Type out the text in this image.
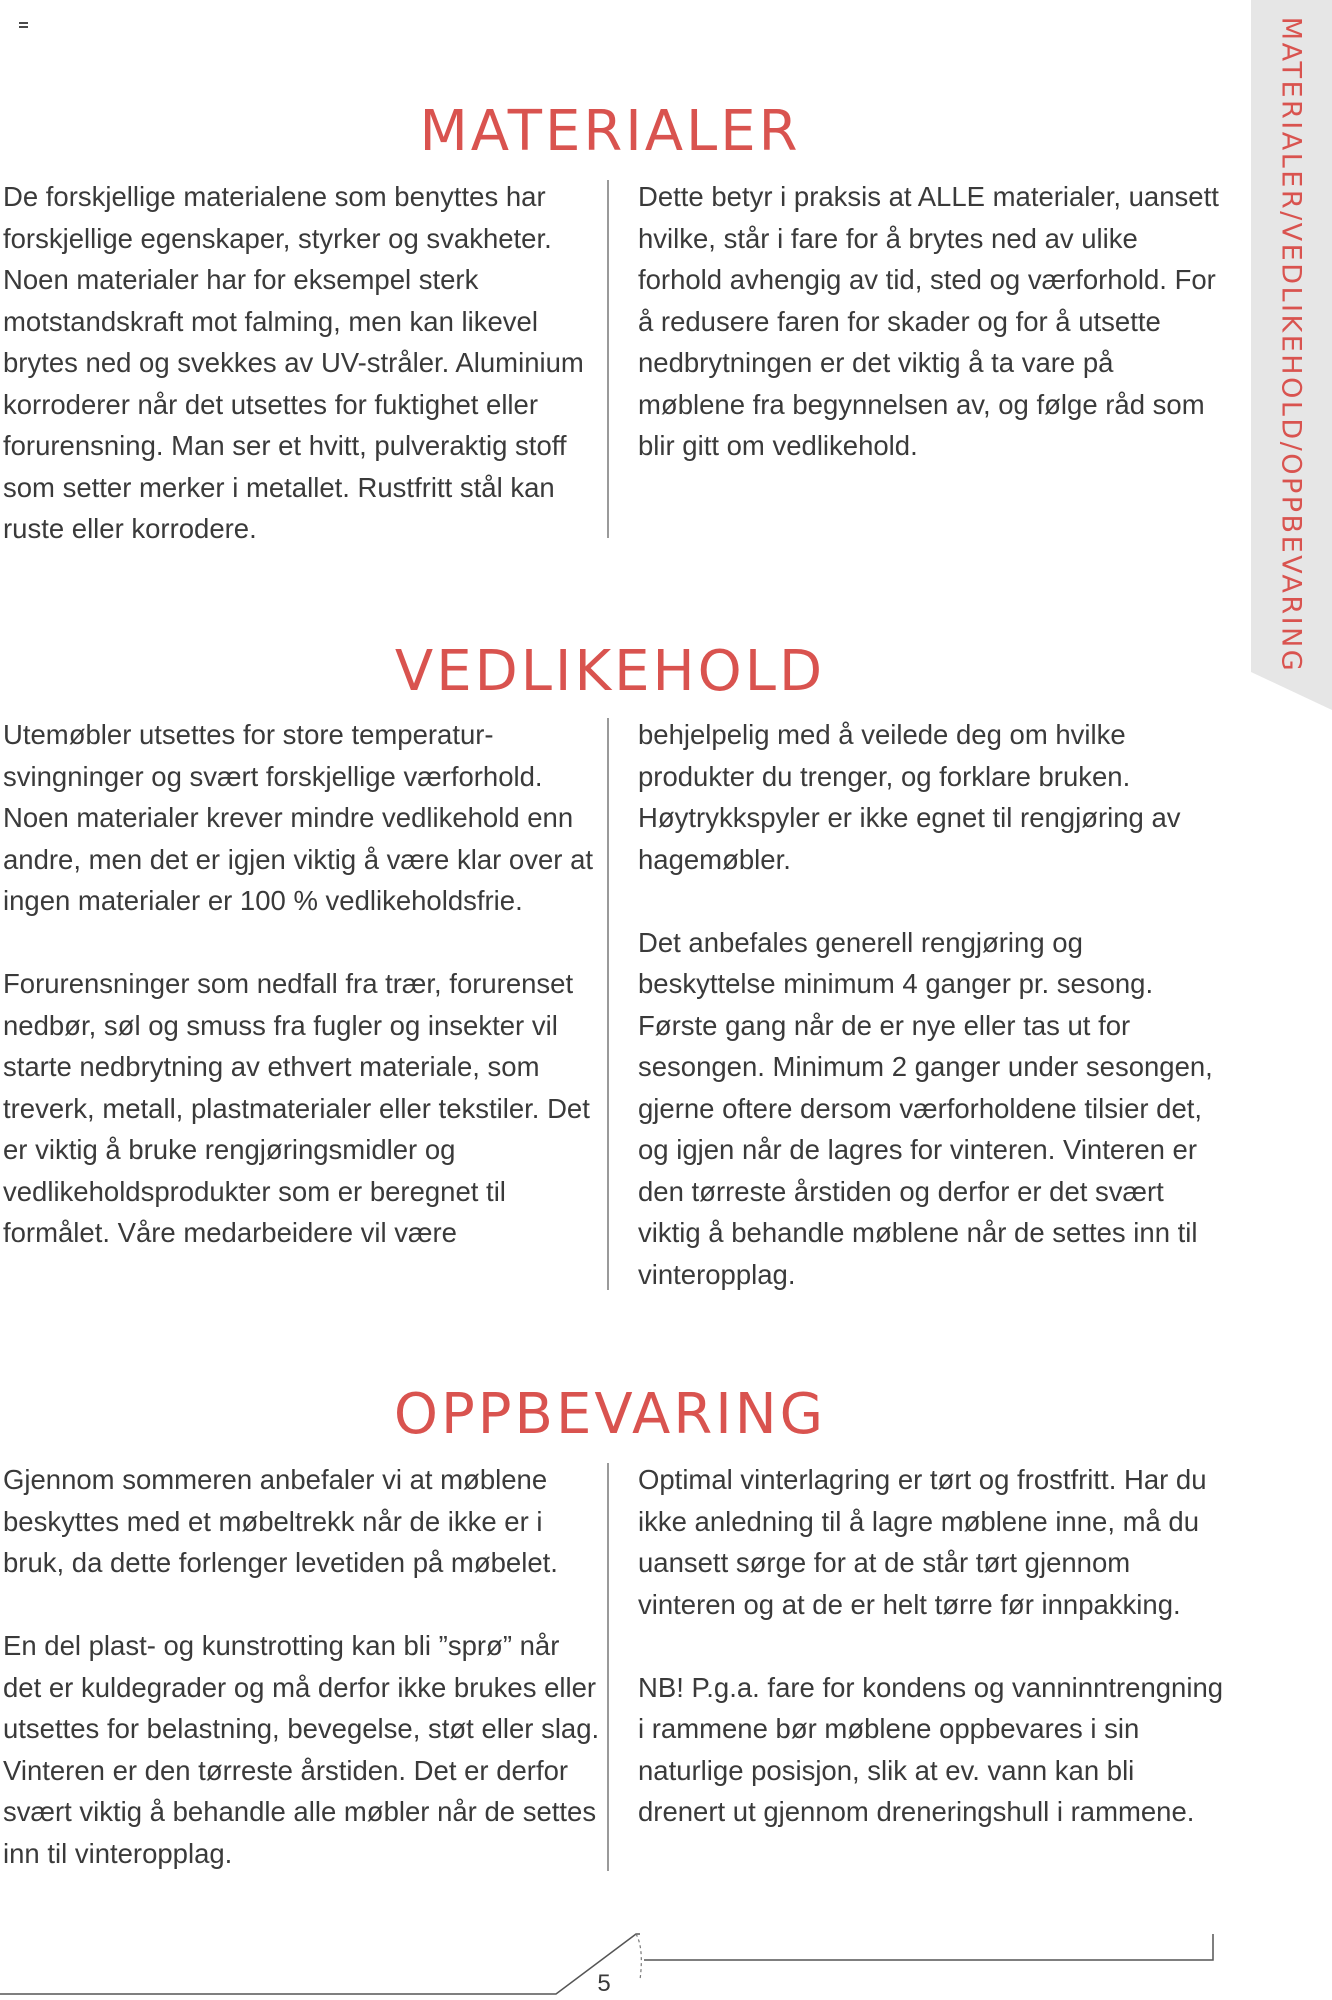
MATERIALER/VEDLIKEHOLD/OPPBEVARING
MATERIALER

De forskjellige materialene som benyttes har forskjellige egenskaper, styrker og svakheter. Noen materialer har for eksempel sterk motstandskraft mot falming, men kan likevel brytes ned og svekkes av UV-stråler. Aluminium korroderer når det utsettes for fuktighet eller forurensning. Man ser et hvitt, pulveraktig stoff som setter merker i metallet. Rustfritt stål kan ruste eller korrodere.

Dette betyr i praksis at ALLE materialer, uansett hvilke, står i fare for å brytes ned av ulike forhold avhengig av tid, sted og værforhold. For å redusere faren for skader og for å utsette nedbrytningen er det viktig å ta vare på møblene fra begynnelsen av, og følge råd som blir gitt om vedlikehold.

VEDLIKEHOLD

Utemøbler utsettes for store temperatur-svingninger og svært forskjellige værforhold. Noen materialer krever mindre vedlikehold enn andre, men det er igjen viktig å være klar over at ingen materialer er 100 % vedlikeholdsfrie.

Forurensninger som nedfall fra trær, forurenset nedbør, søl og smuss fra fugler og insekter vil starte nedbrytning av ethvert materiale, som treverk, metall, plastmaterialer eller tekstiler. Det er viktig å bruke rengjøringsmidler og vedlikeholdsprodukter som er beregnet til formålet. Våre medarbeidere vil være

behjelpelig med å veilede deg om hvilke produkter du trenger, og forklare bruken. Høytrykkspyler er ikke egnet til rengjøring av hagemøbler.

Det anbefales generell rengjøring og beskyttelse minimum 4 ganger pr. sesong. Første gang når de er nye eller tas ut for sesongen. Minimum 2 ganger under sesongen, gjerne oftere dersom værforholdene tilsier det, og igjen når de lagres for vinteren. Vinteren er den tørreste årstiden og derfor er det svært viktig å behandle møblene når de settes inn til vinteropplag.

OPPBEVARING

Gjennom sommeren anbefaler vi at møblene beskyttes med et møbeltrekk når de ikke er i bruk, da dette forlenger levetiden på møbelet.

En del plast- og kunstrotting kan bli ”sprø” når det er kuldegrader og må derfor ikke brukes eller utsettes for belastning, bevegelse, støt eller slag. Vinteren er den tørreste årstiden. Det er derfor svært viktig å behandle alle møbler når de settes inn til vinteropplag.

Optimal vinterlagring er tørt og frostfritt. Har du ikke anledning til å lagre møblene inne, må du uansett sørge for at de står tørt gjennom vinteren og at de er helt tørre før innpakking.

NB! P.g.a. fare for kondens og vanninntrengning i rammene bør møblene oppbevares i sin naturlige posisjon, slik at ev. vann kan bli drenert ut gjennom dreneringshull i rammene.

5
